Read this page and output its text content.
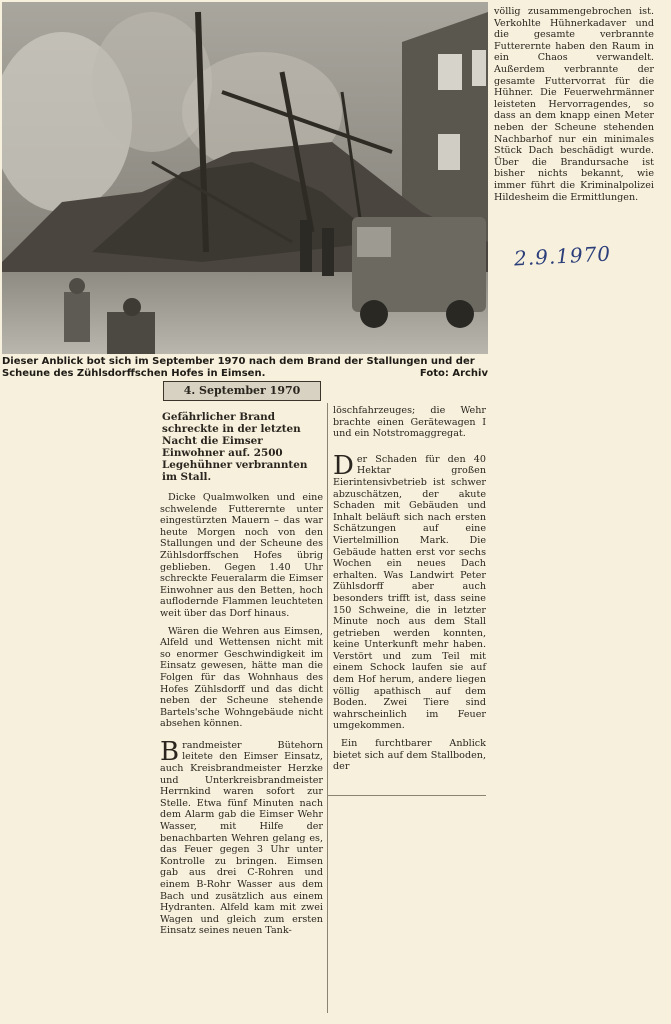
Dieser Anblick bot sich im September 1970 nach dem Brand der Stallungen und der Scheune des Zühlsdorffschen Hofes in Eimsen.	Foto: Archiv

völlig zusammengebrochen ist. Verkohlte Hühnerkadaver und die gesamte verbrannte Futterernte haben den Raum in ein Chaos verwandelt. Außerdem verbrannte der gesamte Futtervorrat für die Hühner. Die Feuerwehrmänner leisteten Hervorragendes, so dass an dem knapp einen Meter neben der Scheune stehenden Nachbarhof nur ein minimales Stück Dach beschädigt wurde. Über die Brandursache ist bisher nichts bekannt, wie immer führt die Kriminalpolizei Hildesheim die Ermittlungen.

2.9.1970
4. September 1970
Gefährlicher Brand schreckte in der letzten Nacht die Eimser Einwohner auf. 2500 Legehühner verbrannten im Stall.

Dicke Qualmwolken und eine schwelende Futterernte unter eingestürzten Mauern – das war heute Morgen noch von den Stallungen und der Scheune des Zühlsdorffschen Hofes übrig geblieben. Gegen 1.40 Uhr schreckte Feueralarm die Eimser Einwohner aus den Betten, hoch auflodernde Flammen leuchteten weit über das Dorf hinaus.

Wären die Wehren aus Eimsen, Alfeld und Wettensen nicht mit so enormer Geschwindigkeit im Einsatz gewesen, hätte man die Folgen für das Wohnhaus des Hofes Zühlsdorff und das dicht neben der Scheune stehende Bartels'sche Wohngebäude nicht absehen können.

Brandmeister Bütehorn leitete den Eimser Einsatz, auch Kreisbrandmeister Herzke und Unterkreisbrandmeister Herrnkind waren sofort zur Stelle. Etwa fünf Minuten nach dem Alarm gab die Eimser Wehr Wasser, mit Hilfe der benachbarten Wehren gelang es, das Feuer gegen 3 Uhr unter Kontrolle zu bringen. Eimsen gab aus drei C-Rohren und einem B-Rohr Wasser aus dem Bach und zusätzlich aus einem Hydranten. Alfeld kam mit zwei Wagen und gleich zum ersten Einsatz seines neuen Tank-

löschfahrzeuges; die Wehr brachte einen Gerätewagen I und ein Notstromaggregat.

Der Schaden für den 40 Hektar großen Eierintensivbetrieb ist schwer abzuschätzen, der akute Schaden mit Gebäuden und Inhalt beläuft sich nach ersten Schätzungen auf eine Viertelmillion Mark. Die Gebäude hatten erst vor sechs Wochen ein neues Dach erhalten. Was Landwirt Peter Zühlsdorff aber auch besonders trifft ist, dass seine 150 Schweine, die in letzter Minute noch aus dem Stall getrieben werden konnten, keine Unterkunft mehr haben. Verstört und zum Teil mit einem Schock laufen sie auf dem Hof herum, andere liegen völlig apathisch auf dem Boden. Zwei Tiere sind wahrscheinlich im Feuer umgekommen.

Ein furchtbarer Anblick bietet sich auf dem Stallboden, der
